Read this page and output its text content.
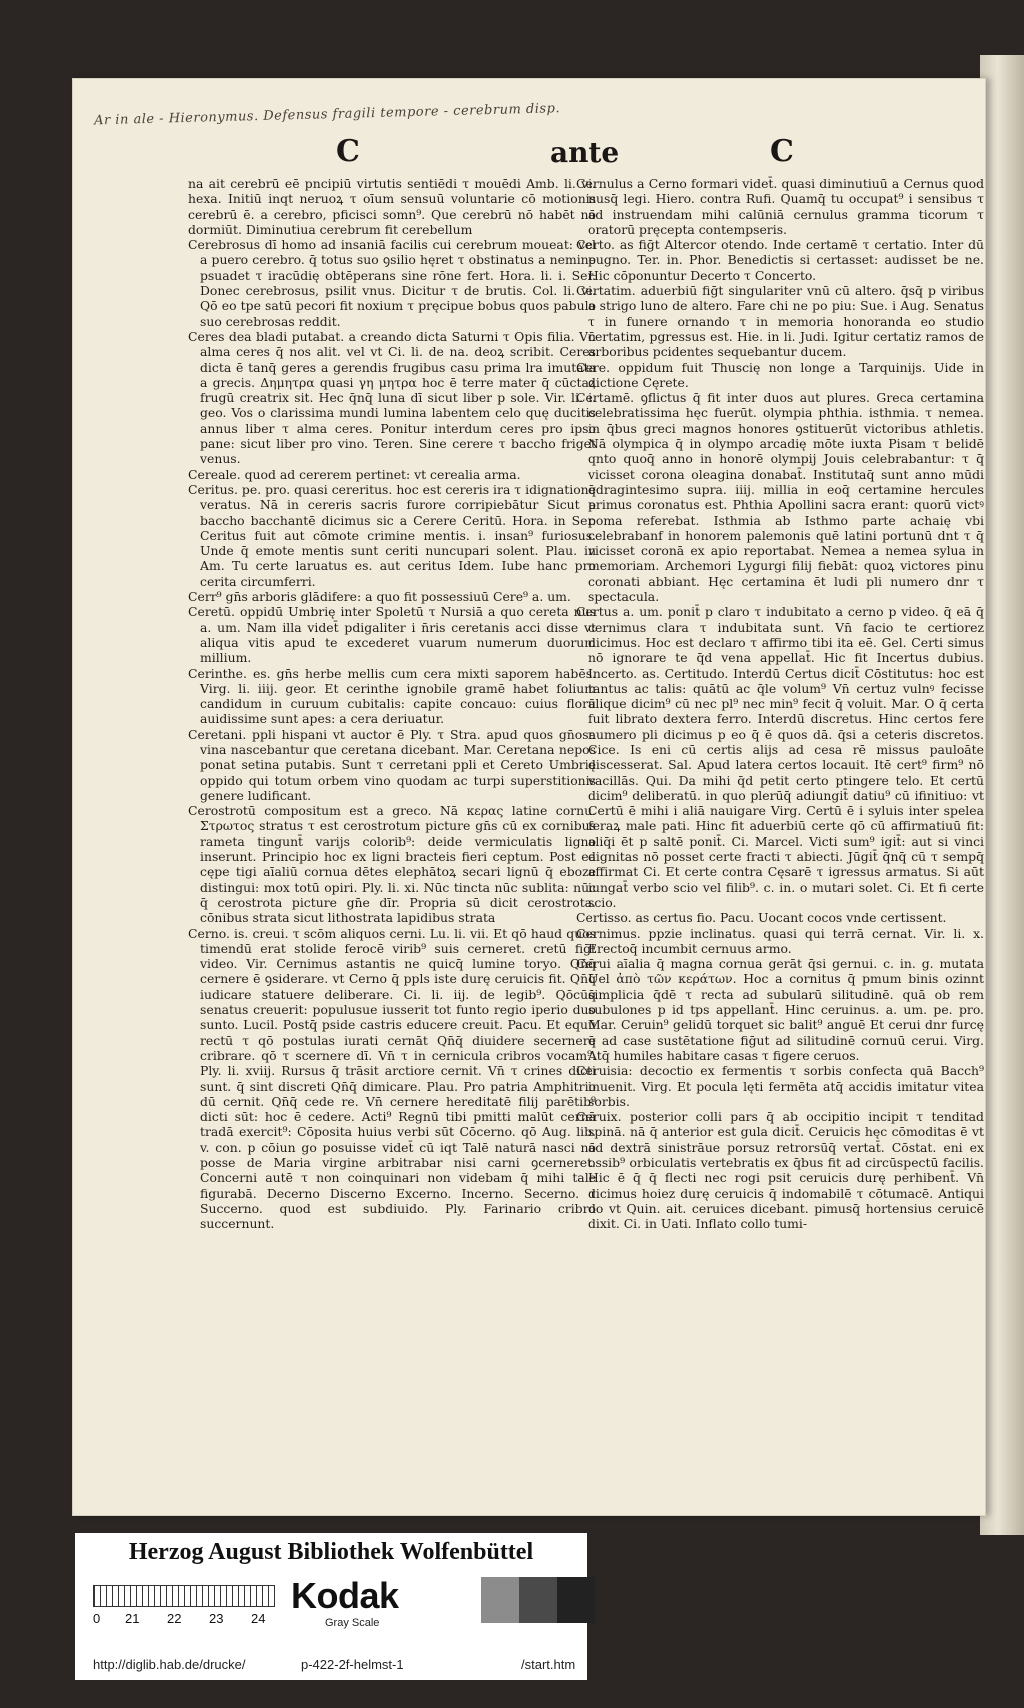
Ar in ale - Hieronymus. Defensus fragili tempore - cerebrum disp.
C	ante	C

na ait cerebrū eē pncipiū virtutis sentiēdi τ mouēdi Amb. li. vi. hexa. Initiū inqt neruoꝝ τ oīum sensuū voluntarie cō motionis cerebrū ē. a cerebro, pficisci somn⁹. Que cerebrū nō habēt nō dormiūt. Diminutiua cerebrum fit cerebellum

Cerebrosus dī homo ad insaniā facilis cui cerebrum moueat: vel a puero cerebro. q̄ totus suo ꝯsilio hęret τ obstinatus a nemine psuadet τ iracūdię obtēperans sine rōne fert. Hora. li. i. Ser. Donec cerebrosus, psilit vnus. Dicitur τ de brutis. Col. li. vi. Qō eo tpe satū pecori fit noxium τ pręcipue bobus quos pabulo suo cerebrosas reddit.

Ceres dea bladi putabat. a creando dicta Saturni τ Opis filia. Vn̄ alma ceres q̄ nos alit. vel vt Ci. li. de na. deoꝝ scribit. Ceres dicta ē tanq̄ geres a gerendis frugibus casu prima lra imutata a grecis. Δημητρα quasi γη μητρα hoc ē terre mater q̄ cūctaꝝ frugū creatrix sit. Hec q̄nq̄ luna dī sicut liber p sole. Vir. li. i. geo. Vos o clarissima mundi lumina labentem celo quę ducitis annus liber τ alma ceres. Ponitur interdum ceres pro ipso pane: sicut liber pro vino. Teren. Sine cerere τ baccho friget venus.

Cereale. quod ad cererem pertinet: vt cerealia arma.

Ceritus. pe. pro. quasi cereritus. hoc est cereris ira τ idignatione veratus. Nā in cereris sacris furore corripiebātur Sicut a baccho bacchantē dicimus sic a Cerere Ceritū. Hora. in Ser. Ceritus fuit aut cōmote crimine mentis. i. insan⁹ furiosus. Unde q̄ emote mentis sunt ceriti nuncupari solent. Plau. in Am. Tu certe laruatus es. aut ceritus Idem. Iube hanc pro cerita circumferri.

Cerr⁹ gn̄s arboris glādifere: a quo fit possessiuū Cere⁹ a. um.

Ceretū. oppidū Umbrię inter Spoletū τ Nursiā a quo cereta nus a. um. Nam illa videt̄ pdigaliter i n̄ris ceretanis acci disse vt aliqua vitis apud te excederet vuarum numerum duorum millium.

Cerinthe. es. gn̄s herbe mellis cum cera mixti saporem habēs. Virg. li. iiij. geor. Et cerinthe ignobile gramē habet folium candidum in curuum cubitalis: capite concauo: cuius florū auidissime sunt apes: a cera deriuatur.

Ceretani. ppli hispani vt auctor ē Ply. τ Stra. apud quos gn̄osa vina nascebantur que ceretana dicebant. Mar. Ceretana nepos ponat setina putabis. Sunt τ cerretani ppli et Cereto Umbrię oppido qui totum orbem vino quodam ac turpi superstitionis genere ludificant.

Cerostrotū compositum est a greco. Nā κερας latine cornu. Στρωτος stratus τ est cerostrotum picture gn̄s cū ex cornibus rameta tingunt̄ varijs colorib⁹: deide vermiculatis ligno inserunt. Principio hoc ex ligni bracteis fieri ceptum. Post ea cępe tigi aīaliū cornua dētes elephātoꝝ secari lignū q̄ eboze distingui: mox totū opiri. Ply. li. xi. Nūc tincta nūc sublita: nūc q̄ cerostrota picture gn̄e dīr. Propria sū dicit cerostrota. cōnibus strata sicut lithostrata lapidibus strata

Cerno. is. creui. τ scōm aliquos cerni. Lu. li. vii. Et qō haud quos timendū erat stolide ferocē virib⁹ suis cerneret. cretū fiḡt video. Vir. Cernimus astantis ne quicq̄ lumine torуо. Qn̄q̄ cernere ē ꝯsiderare. vt Cerno q̄ ppls iste durę ceruicis fit. Qn̄q̄ iudicare statuere deliberare. Ci. li. iij. de legib⁹. Qōcūq̄ senatus creuerit: populusue iusserit tot funto regio iperio duo sunto. Lucil. Postq̄ pside castris educere creuit. Pacu. Et equū rectū τ qō postulas iurati cernāt Qn̄q̄ diuidere secernere cribrare. qō τ scernere dī. Vn̄ τ in cernicula cribros vocam⁹. Ply. li. xviij. Rursus q̄ trāsit arctiore cernit. Vn̄ τ crines dicti sunt. q̄ sint discreti Qn̄q̄ dimicare. Plau. Pro patria Amphitrio dū cernit. Qn̄q̄ cede re. Vn̄ cernere hereditatē filij parētib⁹ dicti sūt: hoc ē cedere. Acti⁹ Regnū tibi pmitti malūt cernā tradā exercit⁹: Cōposita huius verbi sūt Cōcerno. qō Aug. lib. v. con. p cōiun go posuisse videt̄ cū iqt Talē naturā nasci nō posse de Maria virgine arbitrabar nisi carni ꝯcerneret. Concerni autē τ non coinquinari non videbam q̄ mihi tale figurabā. Decerno Discerno Excerno. Incerno. Secerno. τ Succerno. quod est subdiuido. Ply. Farinario cribro succernunt.

Cernulus a Cerno formari videt̄. quasi diminutiuū a Cernus quod nusq̄ legi. Hiero. contra Rufi. Quamq̄ tu occupat⁹ i sensibus τ ad instruendam mihi calūniā cernulus gramma ticorum τ oratorū pręcepta contempseris.

Certo. as fiḡt Altercor otendo. Inde certamē τ certatio. Inter dū pugno. Ter. in. Phor. Benedictis si certasset: audisset be ne. Hic cōponuntur Decerto τ Concerto.

Certatim. aduerbiū fiḡt singulariter vnū cū altero. q̄sq̄ p viribus a strigo luno de altero. Fare chi ne po piu: Sue. i Aug. Senatus τ in funere ornando τ in memoria honoranda eo studio certatim, pgressus est. Hie. in li. Judi. Igitur certatiz ramos de arboribus pcidentes sequebantur ducem.

Cere. oppidum fuit Thuscię non longe a Tarquinijs. Uide in dictione Cęrete.

Certamē. ꝯflictus q̄ fit inter duos aut plures. Greca certamina celebratissima hęc fuerūt. olympia phthia. isthmia. τ nemea. in q̄bus greci magnos honores ꝯstituerūt victoribus athletis. Nā olympica q̄ in olympo arcadię mōte iuxta Pisam τ belidē qnto quoq̄ anno in honorē olympij Jouis celebrabantur: τ q̄ vicisset corona oleagina donabat̄. Institutaq̄ sunt anno mūdi q̄dragintesimo supra. iiij. millia in eoq̄ certamine hercules primus coronatus est. Phthia Apollini sacra erant: quorū victꝰ poma referebat. Isthmia ab Isthmo parte achaię vbi celebrabanf in honorem palemonis quē latini portunū dnt τ q̄ vicisset coronā ex apio reportabat. Nemea a nemea sylua in memoriam. Archemori Lygurgi filij fiebāt: quoꝝ victores pinu coronati abbiant. Hęc certamina ēt ludi pli numero dnr τ spectacula.

Certus a. um. ponit̄ p claro τ indubitato a cerno p video. q̄ eā q̄ cernimus clara τ indubitata sunt. Vn̄ facio te certiorez dicimus. Hoc est declaro τ affirmo tibi ita eē. Gel. Certi simus nō ignorare te q̄d vena appellat̄. Hic fit Incertus dubius. Incerto. as. Certitudo. Interdū Certus dicit̄ Cōstitutus: hoc est tantus ac talis: quātū ac q̄le volum⁹ Vn̄ certuz vulnꝰ fecisse alique dicim⁹ cū nec pl⁹ nec min⁹ fecit q̄ voluit. Mar. O q̄ certa fuit librato dextera ferro. Interdū discretus. Hinc certos fere numero pli dicimus p eo q̄ ē quos dā. q̄si a ceteris discretos. Cice. Is eni cū certis alijs ad cesa rē missus pauloāte discesserat. Sal. Apud latera certos locauit. Itē cert⁹ firm⁹ nō vacillās. Qui. Da mihi q̄d petit certo ptingere telo. Et certū dicim⁹ deliberatū. in quo plerūq̄ adiungit̄ datiu⁹ cū ifinitiuo: vt Certū ē mihi i aliā nauigare Virg. Certū ē i syluis inter spelea feraꝝ male pati. Hinc fit aduerbiū certe qō cū affirmatiuū fit: aliq̄i ēt p saltē ponit̄. Ci. Marcel. Victi sum⁹ igit̄: aut si vinci dignitas nō posset certe fracti τ abiecti. Jūgit̄ q̄nq̄ cū τ sempq̄ affirmat Ci. Et certe contra Cęsarē τ igressus armatus. Si aūt iungat̄ verbo scio vel filib⁹. c. in. o mutari solet. Ci. Et fi certe scio.

Certisso. as certus fio. Pacu. Uocant cocos vnde certissent.

Cernimus. ppzie inclinatus. quasi qui terrā cernat. Vir. li. x. Erectoq̄ incumbit cernuus armo.

Cerui aīalia q̄ magna cornua gerāt q̄si gernui. c. in. g. mutata Uel ἀπὸ τῶν κεράτων. Hoc a cornitus q̄ pmum binis ozinnt simplicia q̄dē τ recta ad subularū silitudinē. quā ob rem subulones p id tps appellant̄. Hinc ceruinus. a. um. pe. pro. Mar. Ceruin⁹ gelidū torquet sic balit⁹ anguē Et cerui dnr furcę q̄ ad case sustētatione fiḡut ad silitudinē cornuū cerui. Virg. Atq̄ humiles habitare casas τ figere ceruos.

Ceruisia: decoctio ex fermentis τ sorbis confecta quā Bacch⁹ inuenit. Virg. Et pocula lęti fermēta atq̄ accidis imitatur vitea sorbis.

Ceruix. posterior colli pars q̄ ab occipitio incipit τ tenditad spinā. nā q̄ anterior est gula dicit̄. Ceruicis hęc cōmoditas ē vt ad dextrā sinistrāue porsuz retrorsūq̄ vertat̄. Cōstat. eni ex ossib⁹ orbiculatis vertebratis ex q̄bus fit ad circūspectū facilis. Hic ē q̄ q̄ flecti nec rogi psit ceruicis durę perhibent̄. Vn̄ dicimus hoiez durę ceruicis q̄ indomabilē τ cōtumacē. Antiqui do vt Quin. ait. ceruices dicebant. pimusq̄ hortensius ceruicē dixit. Ci. in Uati. Inflato collo tumi-

Herzog August Bibliothek Wolfenbüttel
0 21 22 23 24
Kodak
Gray Scale
http://diglib.hab.de/drucke/	p-422-2f-helmst-1	/start.htm
